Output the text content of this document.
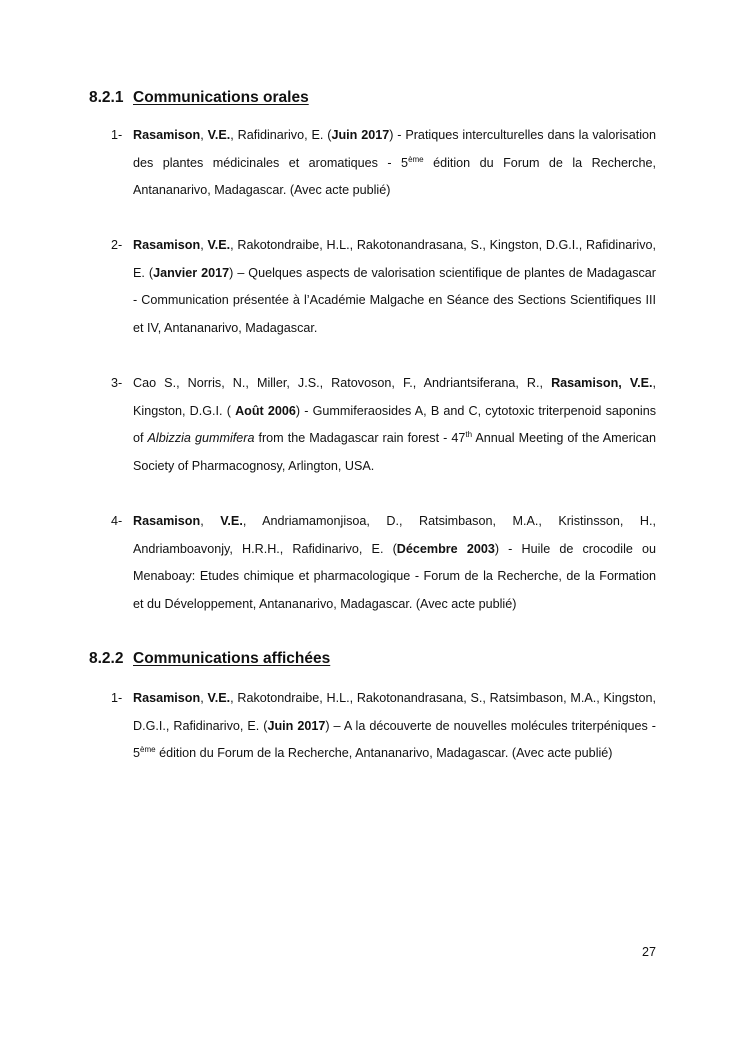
8.2.1 Communications orales
1- Rasamison, V.E., Rafidinarivo, E. (Juin 2017) - Pratiques interculturelles dans la valorisation des plantes médicinales et aromatiques - 5ème édition du Forum de la Recherche, Antananarivo, Madagascar. (Avec acte publié)
2- Rasamison, V.E., Rakotondraibe, H.L., Rakotonandrasana, S., Kingston, D.G.I., Rafidinarivo, E. (Janvier 2017) – Quelques aspects de valorisation scientifique de plantes de Madagascar - Communication présentée à l’Académie Malgache en Séance des Sections Scientifiques III et IV, Antananarivo, Madagascar.
3- Cao S., Norris, N., Miller, J.S., Ratovoson, F., Andriantsiferana, R., Rasamison, V.E., Kingston, D.G.I. ( Août 2006) - Gummiferaosides A, B and C, cytotoxic triterpenoid saponins of Albizzia gummifera from the Madagascar rain forest - 47th Annual Meeting of the American Society of Pharmacognosy, Arlington, USA.
4- Rasamison, V.E., Andriamamonjisoa, D., Ratsimbason, M.A., Kristinsson, H., Andriamboavonjy, H.R.H., Rafidinarivo, E. (Décembre 2003) - Huile de crocodile ou Menaboay: Etudes chimique et pharmacologique - Forum de la Recherche, de la Formation et du Développement, Antananarivo, Madagascar. (Avec acte publié)
8.2.2 Communications affichées
1- Rasamison, V.E., Rakotondraibe, H.L., Rakotonandrasana, S., Ratsimbason, M.A., Kingston, D.G.I., Rafidinarivo, E. (Juin 2017) – A la découverte de nouvelles molécules triterpéniques - 5ème édition du Forum de la Recherche, Antananarivo, Madagascar. (Avec acte publié)
27
